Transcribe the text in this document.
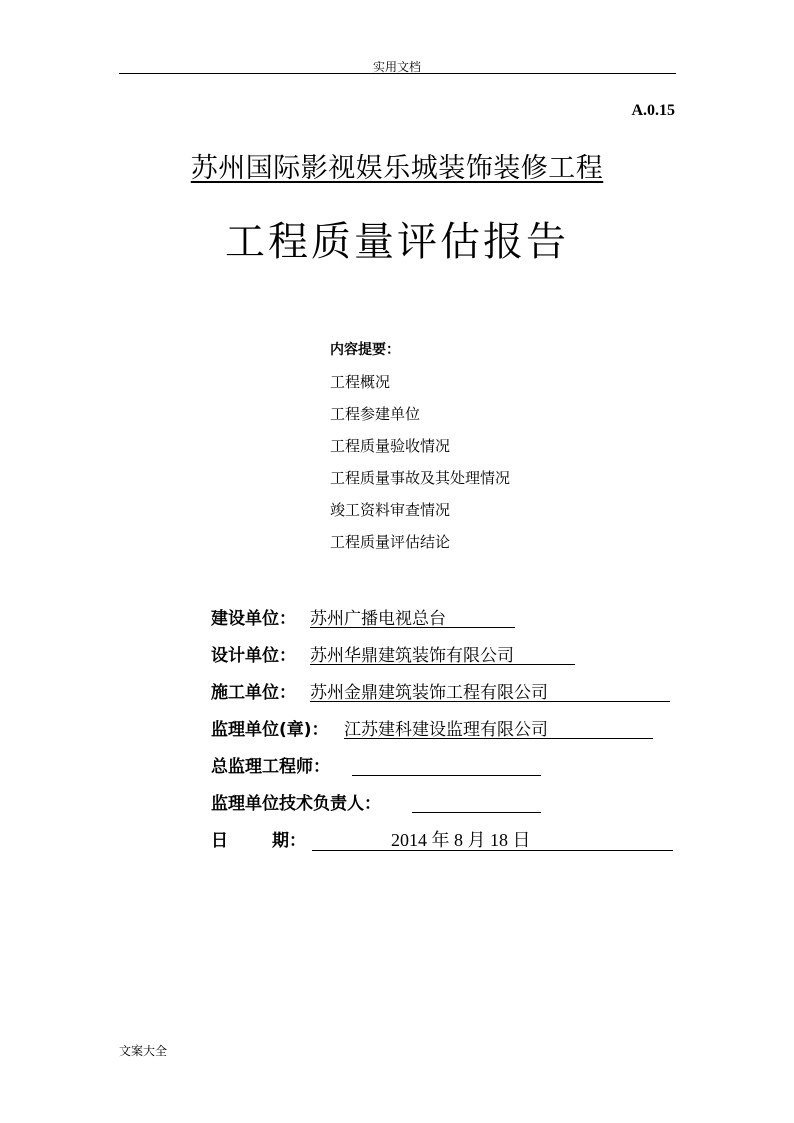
实用文档
A.0.15
苏州国际影视娱乐城装饰装修工程
工程质量评估报告
内容提要：
工程概况
工程参建单位
工程质量验收情况
工程质量事故及其处理情况
竣工资料审查情况
工程质量评估结论
建设单位： 苏州广播电视总台
设计单位： 苏州华鼎建筑装饰有限公司
施工单位： 苏州金鼎建筑装饰工程有限公司
监理单位(章)： 江苏建科建设监理有限公司
总监理工程师：
监理单位技术负责人：
日	期：	2014 年 8 月 18 日
文案大全
